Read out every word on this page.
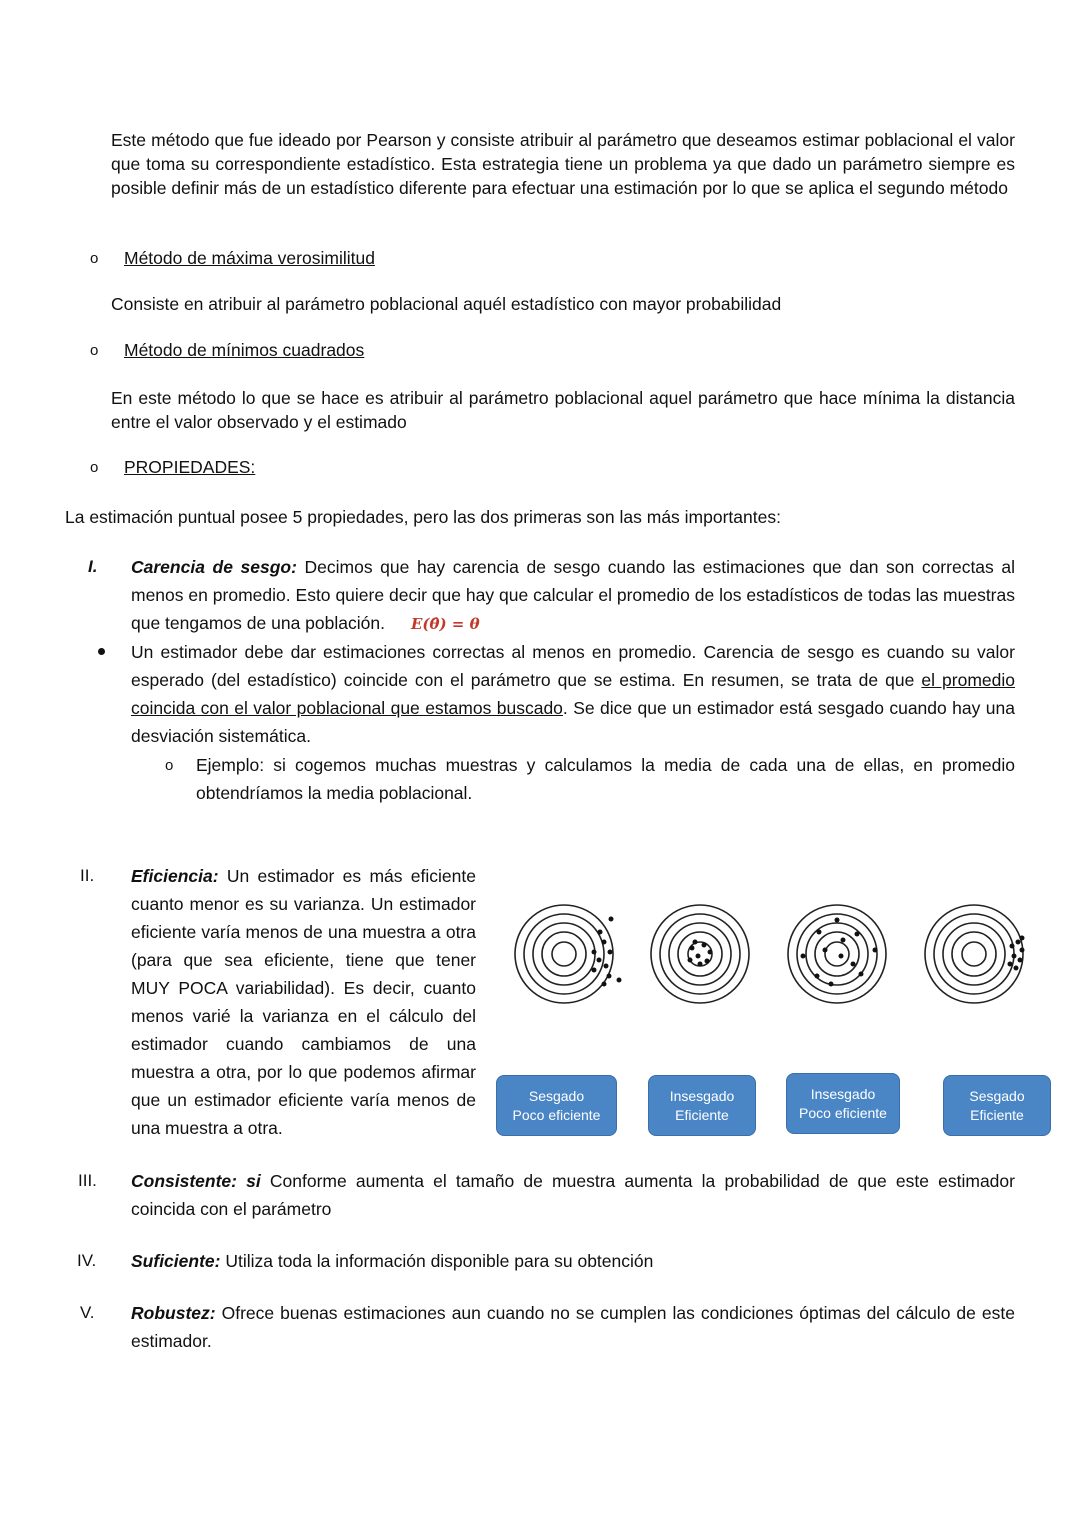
Este método que fue ideado por Pearson y consiste atribuir al parámetro que deseamos estimar poblacional el valor que toma su correspondiente estadístico. Esta estrategia tiene un problema ya que dado un parámetro siempre es posible definir más de un estadístico diferente para efectuar una estimación por lo que se aplica el segundo método
o Método de máxima verosimilitud
Consiste en atribuir al parámetro poblacional aquél estadístico con mayor probabilidad
o Método de mínimos cuadrados
En este método lo que se hace es atribuir al parámetro poblacional aquel parámetro que hace mínima la distancia entre el valor observado y el estimado
o PROPIEDADES:
La estimación puntual posee 5 propiedades, pero las dos primeras son las más importantes:
I. Carencia de sesgo: Decimos que hay carencia de sesgo cuando las estimaciones que dan son correctas al menos en promedio. Esto quiere decir que hay que calcular el promedio de los estadísticos de todas las muestras que tengamos de una población. E(θ̂) = θ
Un estimador debe dar estimaciones correctas al menos en promedio. Carencia de sesgo es cuando su valor esperado (del estadístico) coincide con el parámetro que se estima. En resumen, se trata de que el promedio coincida con el valor poblacional que estamos buscado. Se dice que un estimador está sesgado cuando hay una desviación sistemática.
o Ejemplo: si cogemos muchas muestras y calculamos la media de cada una de ellas, en promedio obtendríamos la media poblacional.
II. Eficiencia: Un estimador es más eficiente cuanto menor es su varianza. Un estimador eficiente varía menos de una muestra a otra (para que sea eficiente, tiene que tener MUY POCA variabilidad). Es decir, cuanto menos varié la varianza en el cálculo del estimador cuando cambiamos de una muestra a otra, por lo que podemos afirmar que un estimador eficiente varía menos de una muestra a otra.
Sesgado
Poco eficiente
Insesgado
Eficiente
Insesgado
Poco eficiente
Sesgado
Eficiente
III. Consistente: si Conforme aumenta el tamaño de muestra aumenta la probabilidad de que este estimador coincida con el parámetro
IV. Suficiente: Utiliza toda la información disponible para su obtención
V. Robustez: Ofrece buenas estimaciones aun cuando no se cumplen las condiciones óptimas del cálculo de este estimador.
